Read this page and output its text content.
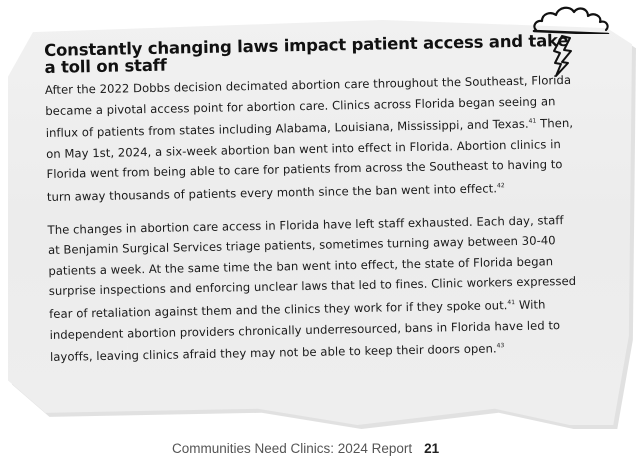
Constantly changing laws impact patient access and take a toll on staff

After the 2022 Dobbs decision decimated abortion care throughout the Southeast, Florida became a pivotal access point for abortion care. Clinics across Florida began seeing an influx of patients from states including Alabama, Louisiana, Mississippi, and Texas.$^{41}$ Then, on May 1st, 2024, a six-week abortion ban went into effect in Florida. Abortion clinics in Florida went from being able to care for patients from across the Southeast to having to turn away thousands of patients every month since the ban went into effect.$^{42}$

The changes in abortion care access in Florida have left staff exhausted. Each day, staff at Benjamin Surgical Services triage patients, sometimes turning away between 30-40 patients a week. At the same time the ban went into effect, the state of Florida began surprise inspections and enforcing unclear laws that led to fines. Clinic workers expressed fear of retaliation against them and the clinics they work for if they spoke out.$^{41}$ With independent abortion providers chronically underresourced, bans in Florida have led to layoffs, leaving clinics afraid they may not be able to keep their doors open.$^{43}$

Communities Need Clinics: 2024 Report 21
